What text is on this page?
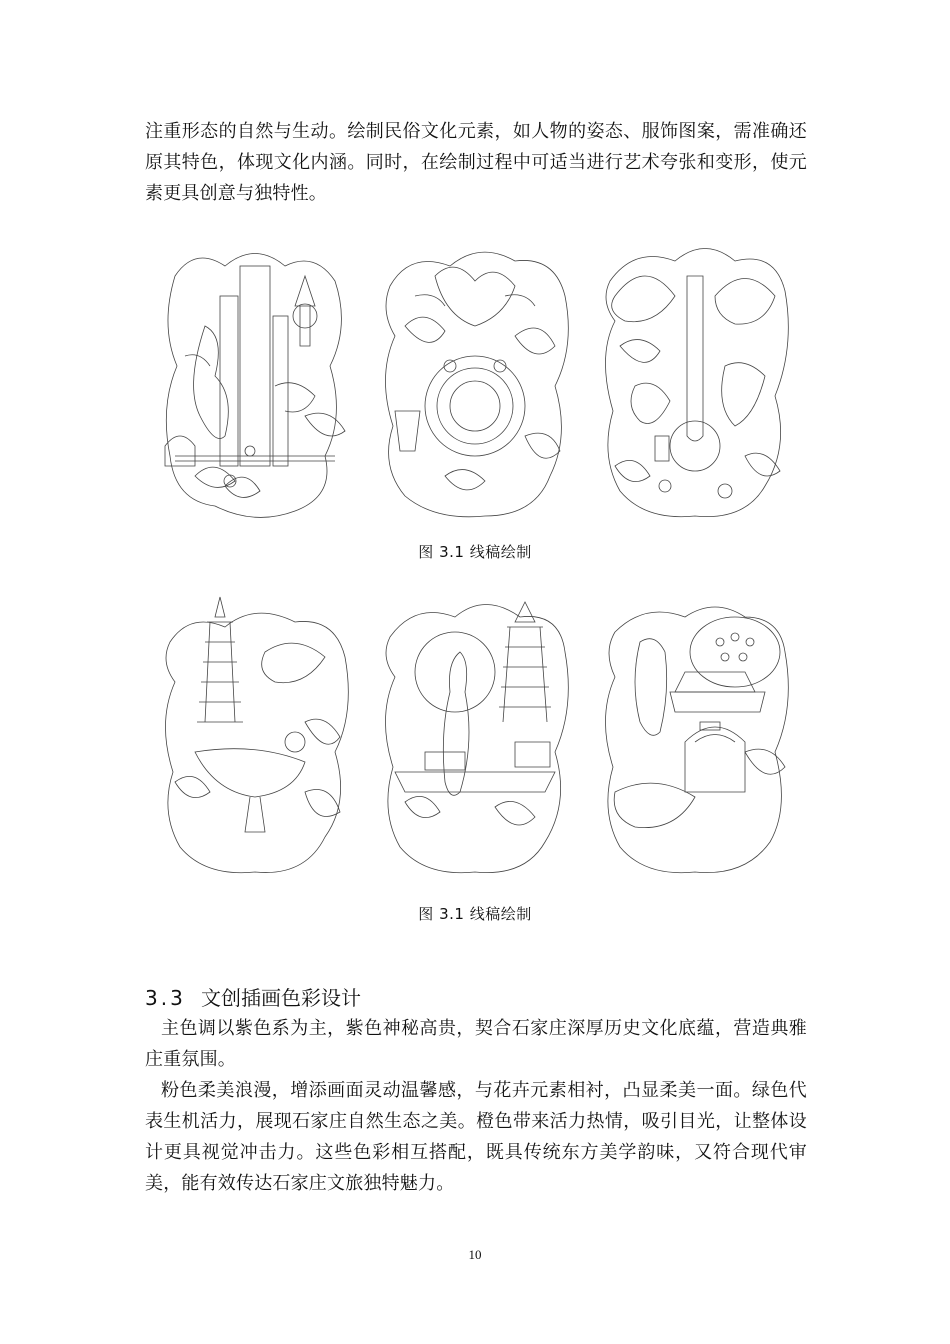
注重形态的自然与生动。绘制民俗文化元素，如人物的姿态、服饰图案，需准确还原其特色，体现文化内涵。同时，在绘制过程中可适当进行艺术夸张和变形，使元素更具创意与独特性。

图 3.1 线稿绘制
图 3.1 线稿绘制
3.3 文创插画色彩设计

主色调以紫色系为主，紫色神秘高贵，契合石家庄深厚历史文化底蕴，营造典雅庄重氛围。

粉色柔美浪漫，增添画面灵动温馨感，与花卉元素相衬，凸显柔美一面。绿色代表生机活力，展现石家庄自然生态之美。橙色带来活力热情，吸引目光，让整体设计更具视觉冲击力。这些色彩相互搭配，既具传统东方美学韵味，又符合现代审美，能有效传达石家庄文旅独特魅力。

10
